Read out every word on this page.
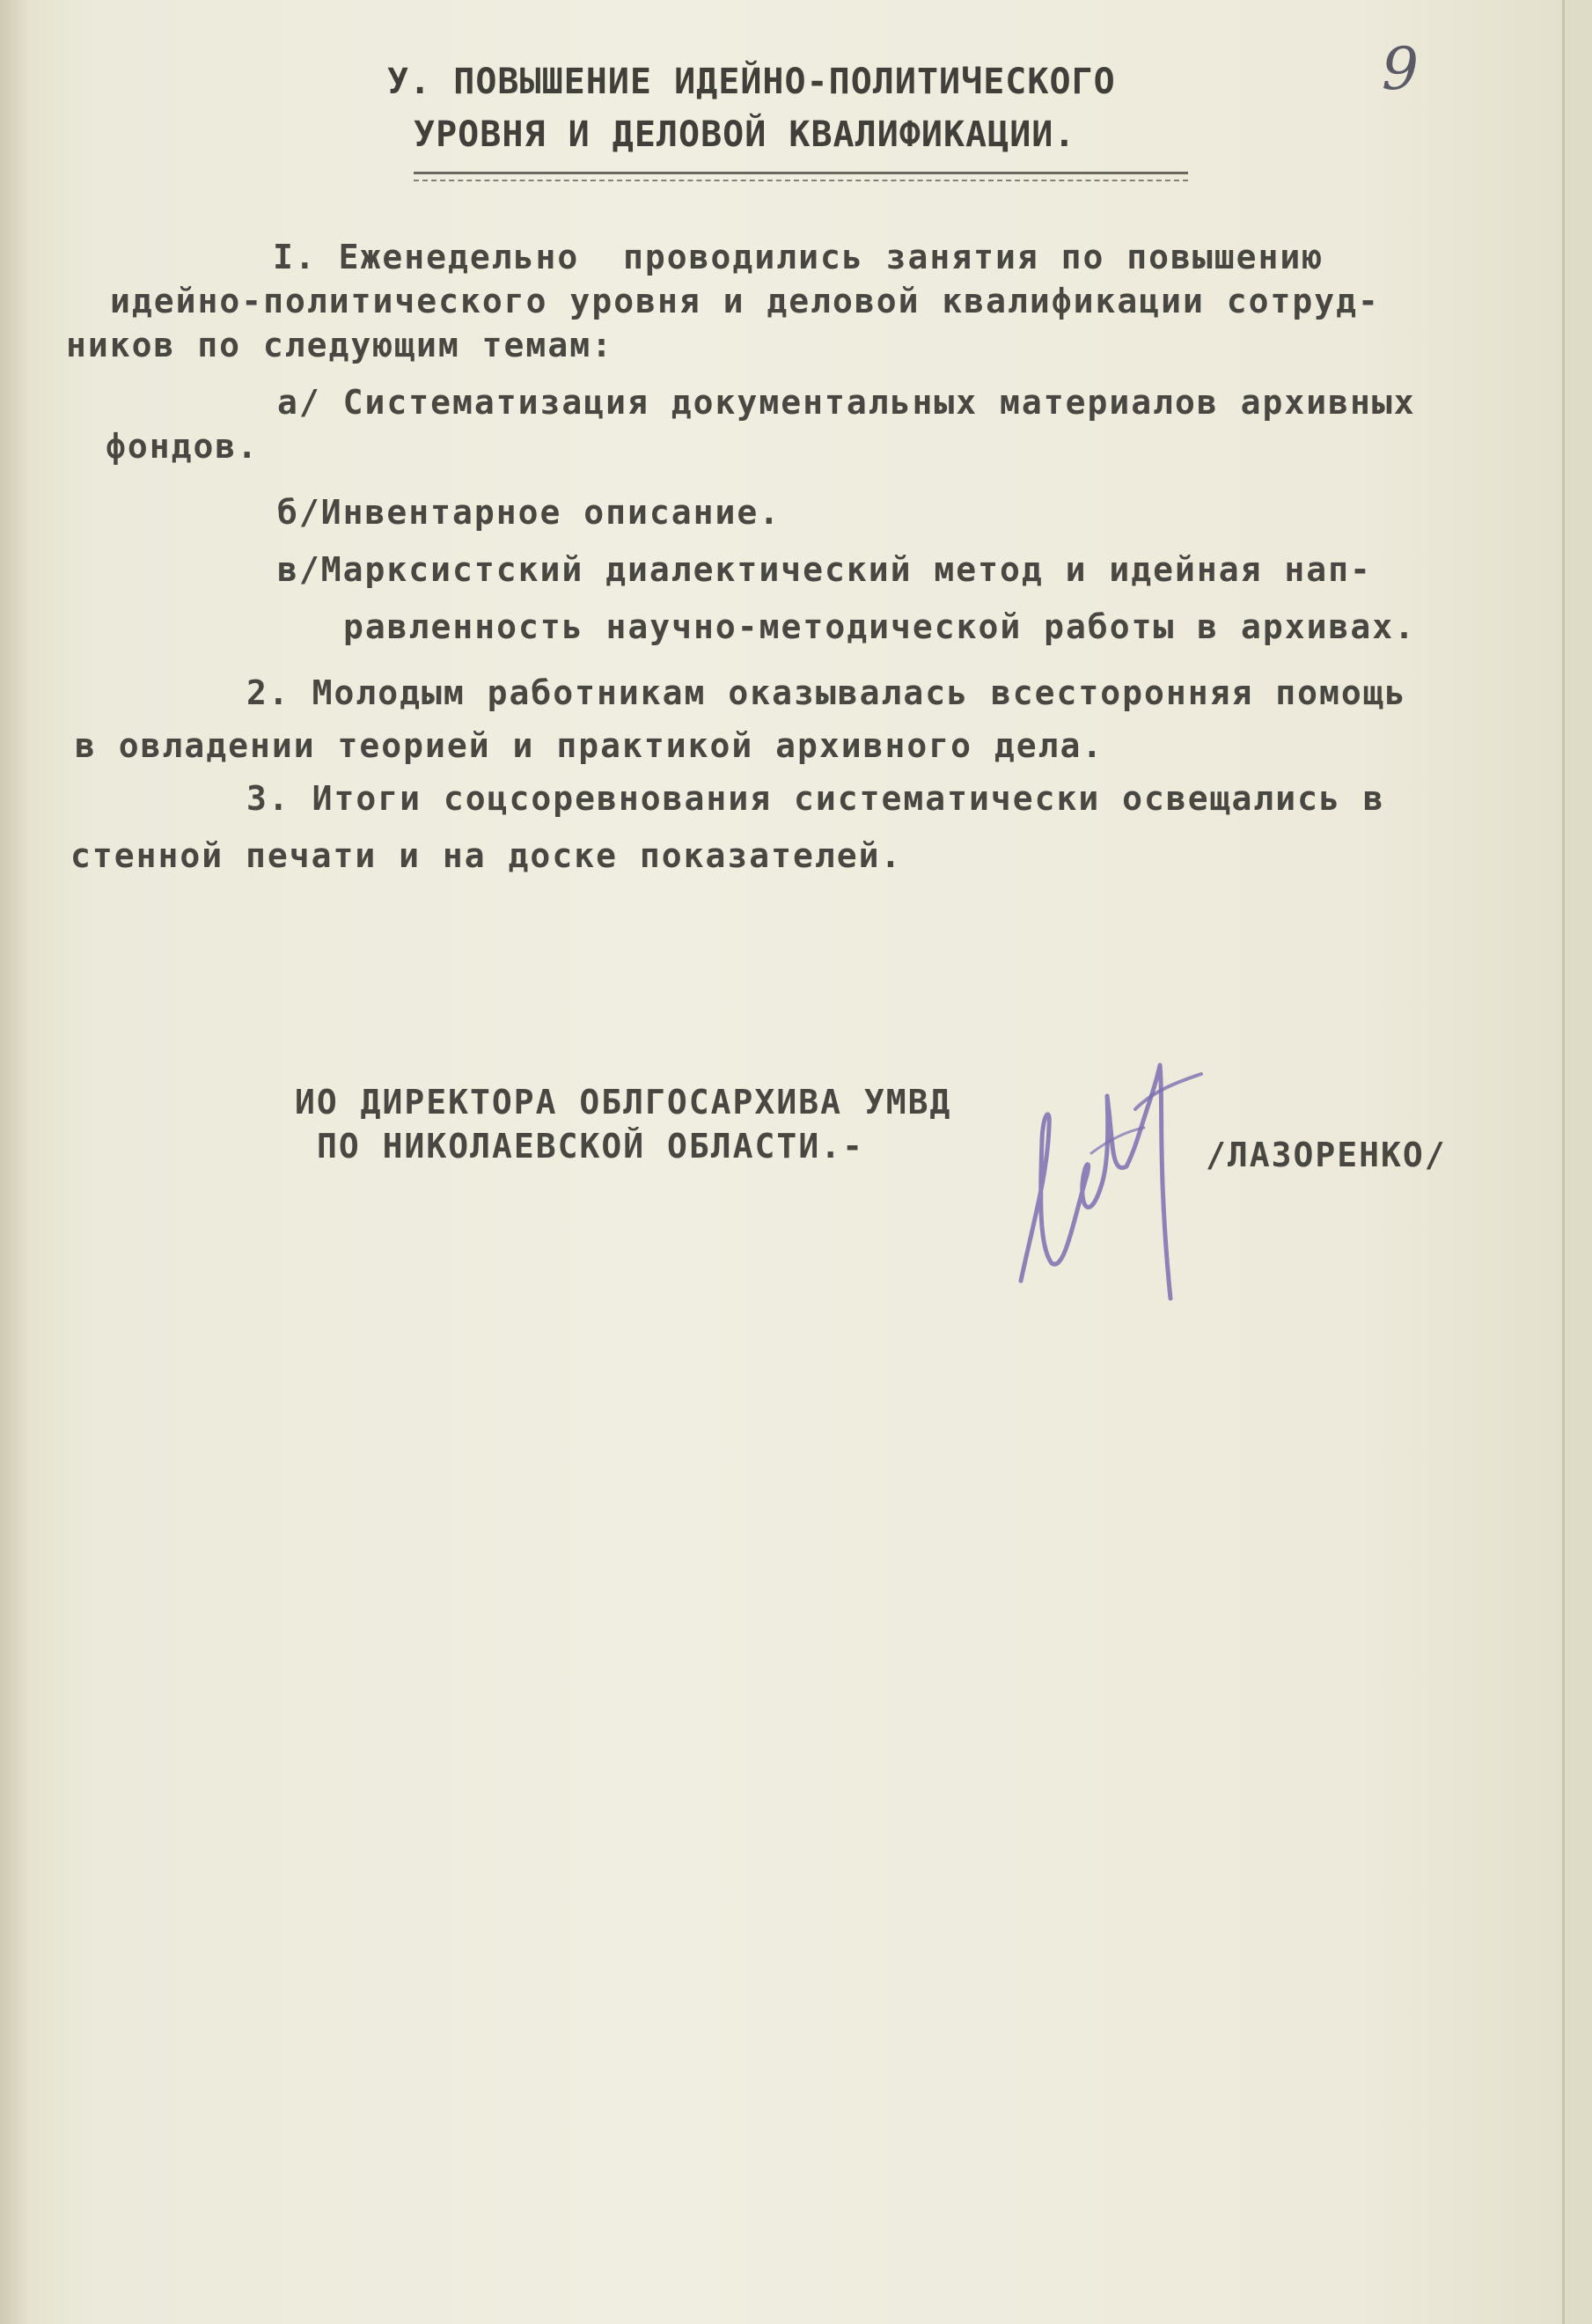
9
У. ПОВЫШЕНИЕ ИДЕЙНО-ПОЛИТИЧЕСКОГО
УРОВНЯ И ДЕЛОВОЙ КВАЛИФИКАЦИИ.
I. Еженедельно  проводились занятия по повышению
идейно-политического уровня и деловой квалификации сотруд-
ников по следующим темам:
а/ Систематизация документальных материалов архивных
фондов.
б/Инвентарное описание.
в/Марксистский диалектический метод и идейная нап-
равленность научно-методической работы в архивах.
2. Молодым работникам оказывалась всесторонняя помощь
в овладении теорией и практикой архивного дела.
3. Итоги соцсоревнования систематически освещались в
стенной печати и на доске показателей.
ИО ДИРЕКТОРА ОБЛГОСАРХИВА УМВД
ПО НИКОЛАЕВСКОЙ ОБЛАСТИ.-	/ЛАЗОРЕНКО/
